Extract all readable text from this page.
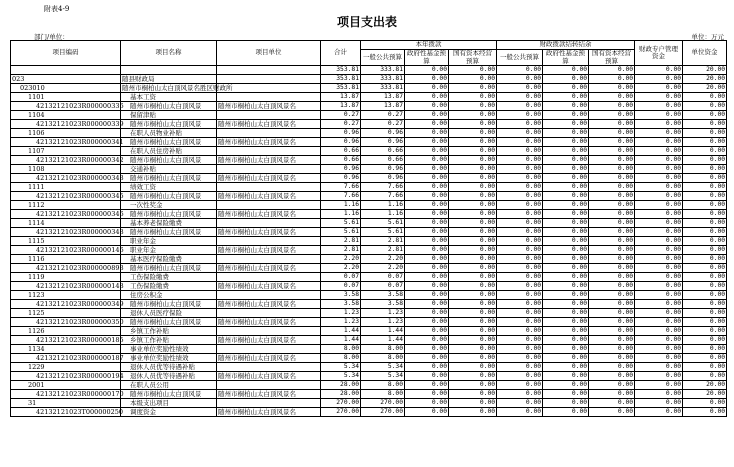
附表4-9
项目支出表
部门/单位：	单位：万元
项目编码	项目名称	项目单位	合计	本年拨款			财政拨款结转结余			财政专户管理资金	单位资金
				一般公共预算	政府性基金预算	国有资本经营预算	一般公共预算	政府性基金预算	国有资本经营预算		

			353.81	333.81	0.00	0.00	0.00	0.00	0.00	0.00	20.00
023	随县财政局		353.81	333.81	0.00	0.00	0.00	0.00	0.00	0.00	20.00
023010	随州市桐柏山太白顶风景名胜区财政所		353.81	333.81	0.00	0.00	0.00	0.00	0.00	0.00	20.00
1101	基本工资		13.87	13.87	0.00	0.00	0.00	0.00	0.00	0.00	0.00
42132121023R000000336	随州市桐柏山太白顶风景	随州市桐柏山太白顶风景名	13.87	13.87	0.00	0.00	0.00	0.00	0.00	0.00	0.00
1104	保留津贴		0.27	0.27	0.00	0.00	0.00	0.00	0.00	0.00	0.00
42132121023R000000339	随州市桐柏山太白顶风景	随州市桐柏山太白顶风景名	0.27	0.27	0.00	0.00	0.00	0.00	0.00	0.00	0.00
1106	在职人员物业补贴		0.96	0.96	0.00	0.00	0.00	0.00	0.00	0.00	0.00
42132121023R000000341	随州市桐柏山太白顶风景	随州市桐柏山太白顶风景名	0.96	0.96	0.00	0.00	0.00	0.00	0.00	0.00	0.00
1107	在职人员住房补贴		0.66	0.66	0.00	0.00	0.00	0.00	0.00	0.00	0.00
42132121023R000000342	随州市桐柏山太白顶风景	随州市桐柏山太白顶风景名	0.66	0.66	0.00	0.00	0.00	0.00	0.00	0.00	0.00
1108	交通补贴		0.96	0.96	0.00	0.00	0.00	0.00	0.00	0.00	0.00
42132121023R000000343	随州市桐柏山太白顶风景	随州市桐柏山太白顶风景名	0.96	0.96	0.00	0.00	0.00	0.00	0.00	0.00	0.00
1111	绩效工资		7.66	7.66	0.00	0.00	0.00	0.00	0.00	0.00	0.00
42132121023R000000345	随州市桐柏山太白顶风景	随州市桐柏山太白顶风景名	7.66	7.66	0.00	0.00	0.00	0.00	0.00	0.00	0.00
1112	一次性奖金		1.16	1.16	0.00	0.00	0.00	0.00	0.00	0.00	0.00
42132121023R000000346	随州市桐柏山太白顶风景	随州市桐柏山太白顶风景名	1.16	1.16	0.00	0.00	0.00	0.00	0.00	0.00	0.00
1114	基本养老保险缴费		5.61	5.61	0.00	0.00	0.00	0.00	0.00	0.00	0.00
42132121023R000000348	随州市桐柏山太白顶风景	随州市桐柏山太白顶风景名	5.61	5.61	0.00	0.00	0.00	0.00	0.00	0.00	0.00
1115	职业年金		2.81	2.81	0.00	0.00	0.00	0.00	0.00	0.00	0.00
42132121023R000000146	职业年金	随州市桐柏山太白顶风景名	2.81	2.81	0.00	0.00	0.00	0.00	0.00	0.00	0.00
1116	基本医疗保险缴费		2.20	2.20	0.00	0.00	0.00	0.00	0.00	0.00	0.00
42132121023R000000893	随州市桐柏山太白顶风景	随州市桐柏山太白顶风景名	2.20	2.20	0.00	0.00	0.00	0.00	0.00	0.00	0.00
1119	工伤保险缴费		0.07	0.07	0.00	0.00	0.00	0.00	0.00	0.00	0.00
42132121023R000000148	工伤保险缴费	随州市桐柏山太白顶风景名	0.07	0.07	0.00	0.00	0.00	0.00	0.00	0.00	0.00
1123	住房公积金		3.58	3.58	0.00	0.00	0.00	0.00	0.00	0.00	0.00
42132121023R000000349	随州市桐柏山太白顶风景	随州市桐柏山太白顶风景名	3.58	3.58	0.00	0.00	0.00	0.00	0.00	0.00	0.00
1125	退休人员医疗保险		1.23	1.23	0.00	0.00	0.00	0.00	0.00	0.00	0.00
42132121023R000000350	随州市桐柏山太白顶风景	随州市桐柏山太白顶风景名	1.23	1.23	0.00	0.00	0.00	0.00	0.00	0.00	0.00
1126	乡镇工作补贴		1.44	1.44	0.00	0.00	0.00	0.00	0.00	0.00	0.00
42132121023R000000185	乡镇工作补贴	随州市桐柏山太白顶风景名	1.44	1.44	0.00	0.00	0.00	0.00	0.00	0.00	0.00
1134	事业单位奖励性绩效		8.00	8.00	0.00	0.00	0.00	0.00	0.00	0.00	0.00
42132121023R000000187	事业单位奖励性绩效	随州市桐柏山太白顶风景名	8.00	8.00	0.00	0.00	0.00	0.00	0.00	0.00	0.00
1229	退休人员优等待遇补贴		5.34	5.34	0.00	0.00	0.00	0.00	0.00	0.00	0.00
42132121023R000000194	退休人员优等待遇补贴	随州市桐柏山太白顶风景名	5.34	5.34	0.00	0.00	0.00	0.00	0.00	0.00	0.00
2001	在职人员公用		28.00	8.00	0.00	0.00	0.00	0.00	0.00	0.00	20.00
42132121023R000000170	随州市桐柏山太白顶风景	随州市桐柏山太白顶风景名	28.00	8.00	0.00	0.00	0.00	0.00	0.00	0.00	20.00
31	本级支出项目		270.00	270.00	0.00	0.00	0.00	0.00	0.00	0.00	0.00
42132121023T000000250	调度资金	随州市桐柏山太白顶风景名	270.00	270.00	0.00	0.00	0.00	0.00	0.00	0.00	0.00
